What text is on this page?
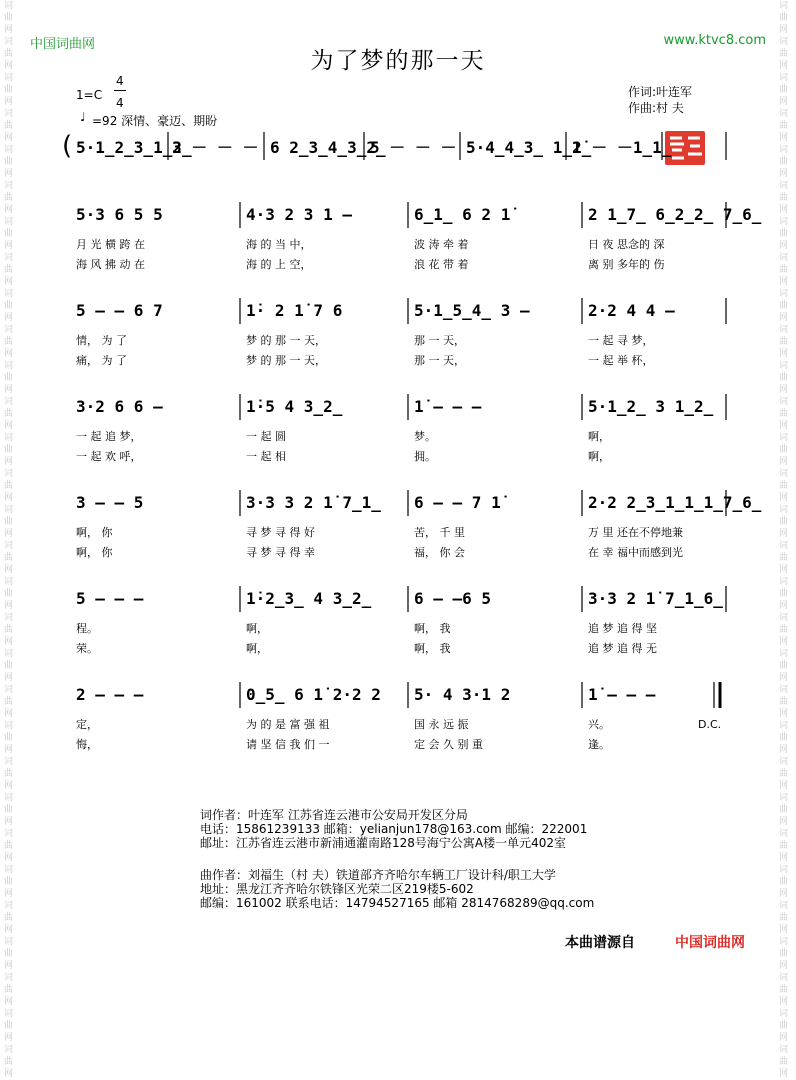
词曲网词曲网词曲网词曲网词曲网词曲网词曲网词曲网词曲网词曲网词曲网词曲网词曲网词曲网词曲网词曲网词曲网词曲网词曲网词曲网词曲网词曲网词曲网词曲网词曲网词曲网词曲网词曲网词曲网词曲网
词曲网词曲网词曲网词曲网词曲网词曲网词曲网词曲网词曲网词曲网词曲网词曲网词曲网词曲网词曲网词曲网词曲网词曲网词曲网词曲网词曲网词曲网词曲网词曲网词曲网词曲网词曲网词曲网词曲网词曲网
中国词曲网	www.ktvc8.com
为了梦的那一天
1=C
4
4
♩ =92 深情、豪迈、期盼
作词:叶连军
作曲:村 夫
( 5·1̲2̲3̲1̲2̲
3 － － － 6 2̲3̲4̲3̲2̲
5 － － － 5·4̲4̲3̲ 1̲2̲
1̇ － －1̲1̲
5·3 6 5 5	4·3 2 3 1 –	6̲1̲ 6 2 1̇	2 1̲7̲ 6̲2̲2̲ 7̲6̲
月 光 横 跨 在	海 的 当 中，	波 涛 牵 着	日 夜 思念的 深
海 风 拂 动 在	海 的 上 空，	浪 花 带 着	离 别 多年的 伤
5 – – 6 7	1̇· 2 1̇ 7 6	5·1̲5̲4̲ 3 –	2·2 4 4 –
情， 为 了	梦 的 那 一 天，	那 一 天，	一 起 寻 梦，
痛， 为 了	梦 的 那 一 天，	那 一 天，	一 起 举 杯，
3·2 6 6 –	1̇·5 4 3̲2̲	1̇ – – –	5·1̲2̲ 3 1̲2̲
一 起 追 梦，	一 起 圆	梦。	啊，
一 起 欢 呼，	一 起 相	拥。	啊，
3 – – 5	3·3 3 2 1̇ 7̲1̲ 6 – – 7 1̇	2·2 2̲3̲1̲1̲1̲7̲6̲
啊， 你	寻 梦 寻 得 好	苦， 千 里	万 里 还在不停地兼
啊， 你	寻 梦 寻 得 幸	福， 你 会	在 幸 福中而感到光
5 – – –	1̇·2̲3̲ 4 3̲2̲	6 – –6 5	3·3 2 1̇ 7̲1̲6̲
程。	啊，	啊， 我	追 梦 追 得 坚
荣。	啊，	啊， 我	追 梦 追 得 无
2 – – –	0̲5̲ 6 1̇ 2·2 2 5· 4 3·1 2	1̇ – – –
定，	为 的 是 富 强 祖	国 永 远 振	兴。
悔，	请 坚 信 我 们 一	定 会 久 别 重	逢。
D.C.
词作者：叶连军 江苏省连云港市公安局开发区分局
电话：15861239133 邮箱：yelianjun178@163.com 邮编：222001
邮址：江苏省连云港市新浦通灌南路128号海宁公寓A楼一单元402室
曲作者：刘福生（村 夫）铁道部齐齐哈尔车辆工厂设计科/职工大学
地址：黑龙江齐齐哈尔铁锋区光荣二区219楼5-602
邮编：161002 联系电话：14794527165 邮箱 2814768289@qq.com
本曲谱源自	中国词曲网
